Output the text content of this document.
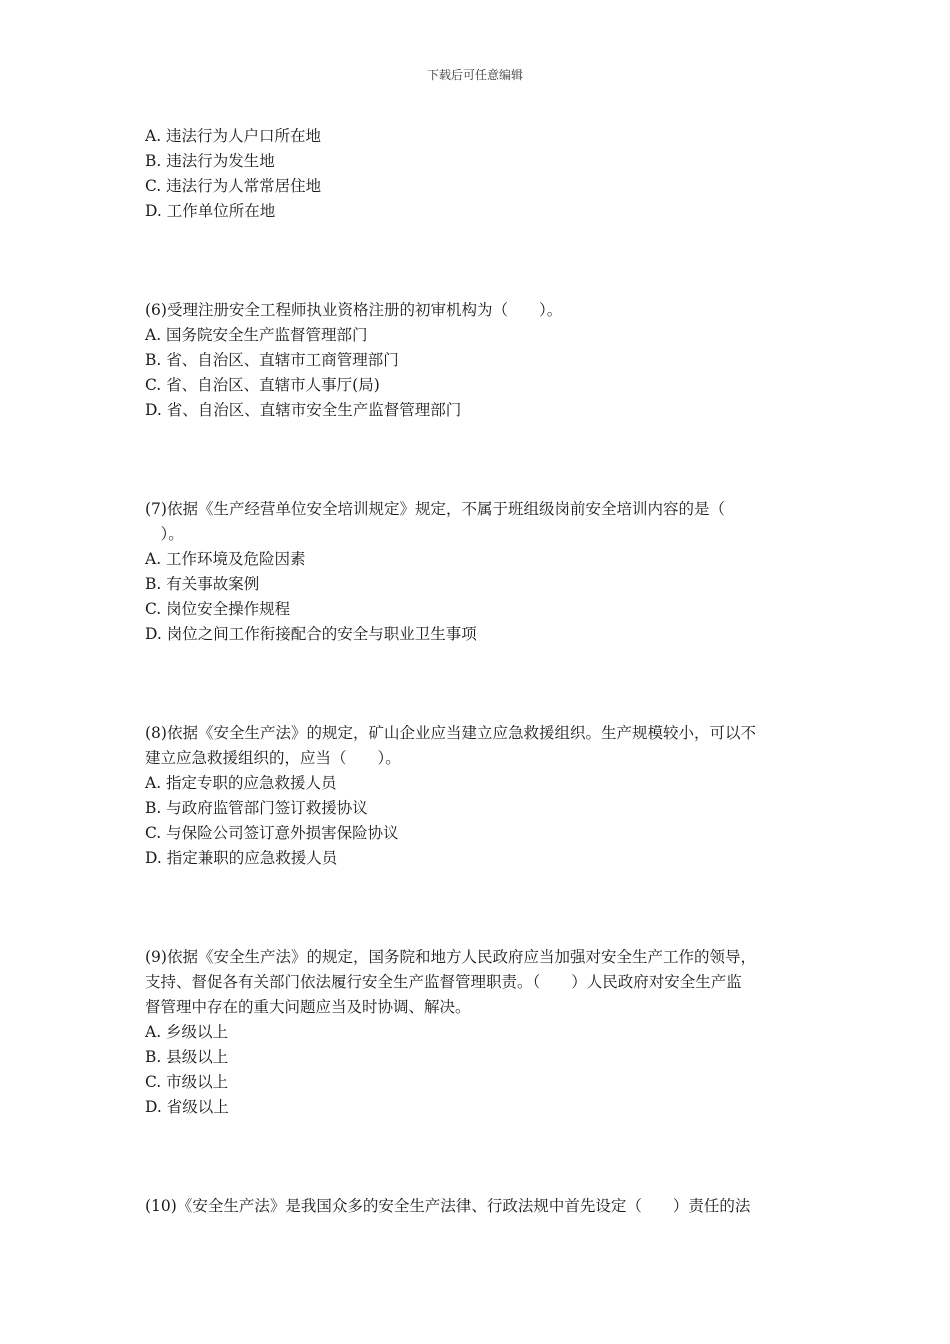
下载后可任意编辑
A. 违法行为人户口所在地
B. 违法行为发生地
C. 违法行为人常常居住地
D. 工作单位所在地
(6)受理注册安全工程师执业资格注册的初审机构为（　　）。
A. 国务院安全生产监督管理部门
B. 省、自治区、直辖市工商管理部门
C. 省、自治区、直辖市人事厅(局)
D. 省、自治区、直辖市安全生产监督管理部门
(7)依据《生产经营单位安全培训规定》规定，不属于班组级岗前安全培训内容的是（
　）。
A. 工作环境及危险因素
B. 有关事故案例
C. 岗位安全操作规程
D. 岗位之间工作衔接配合的安全与职业卫生事项
(8)依据《安全生产法》的规定，矿山企业应当建立应急救援组织。生产规模较小，可以不
建立应急救援组织的，应当（　　）。
A. 指定专职的应急救援人员
B. 与政府监管部门签订救援协议
C. 与保险公司签订意外损害保险协议
D. 指定兼职的应急救援人员
(9)依据《安全生产法》的规定，国务院和地方人民政府应当加强对安全生产工作的领导，
支持、督促各有关部门依法履行安全生产监督管理职责。（　　）人民政府对安全生产监
督管理中存在的重大问题应当及时协调、解决。
A. 乡级以上
B. 县级以上
C. 市级以上
D. 省级以上
(10)《安全生产法》是我国众多的安全生产法律、行政法规中首先设定（　　）责任的法
